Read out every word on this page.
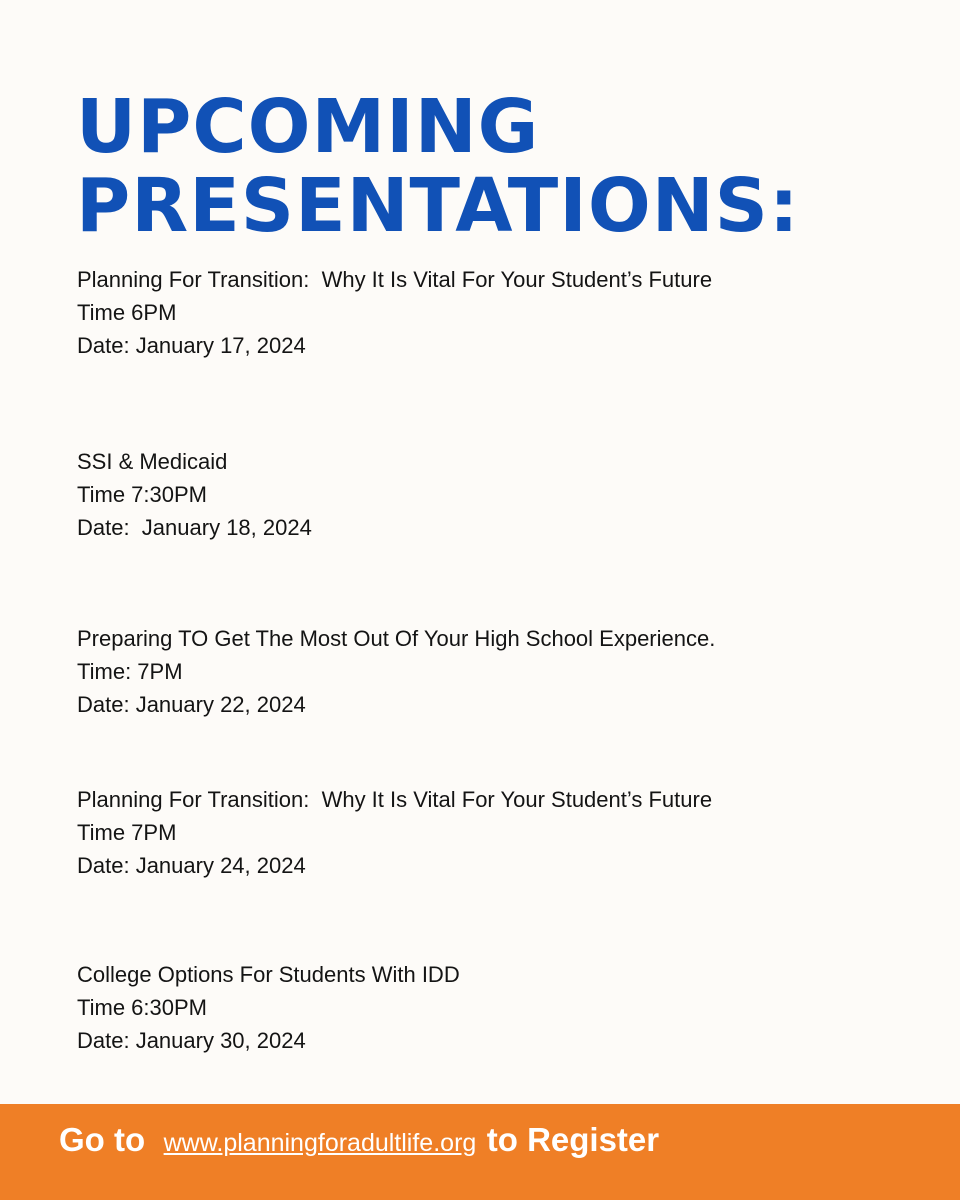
UPCOMING
PRESENTATIONS:
Planning For Transition:  Why It Is Vital For Your Student’s Future
Time 6PM
Date: January 17, 2024
SSI & Medicaid
Time 7:30PM
Date:  January 18, 2024
Preparing TO Get The Most Out Of Your High School Experience.
Time: 7PM
Date: January 22, 2024
Planning For Transition:  Why It Is Vital For Your Student’s Future
Time 7PM
Date: January 24, 2024
College Options For Students With IDD
Time 6:30PM
Date: January 30, 2024
Go to www.planningforadultlife.org to Register
